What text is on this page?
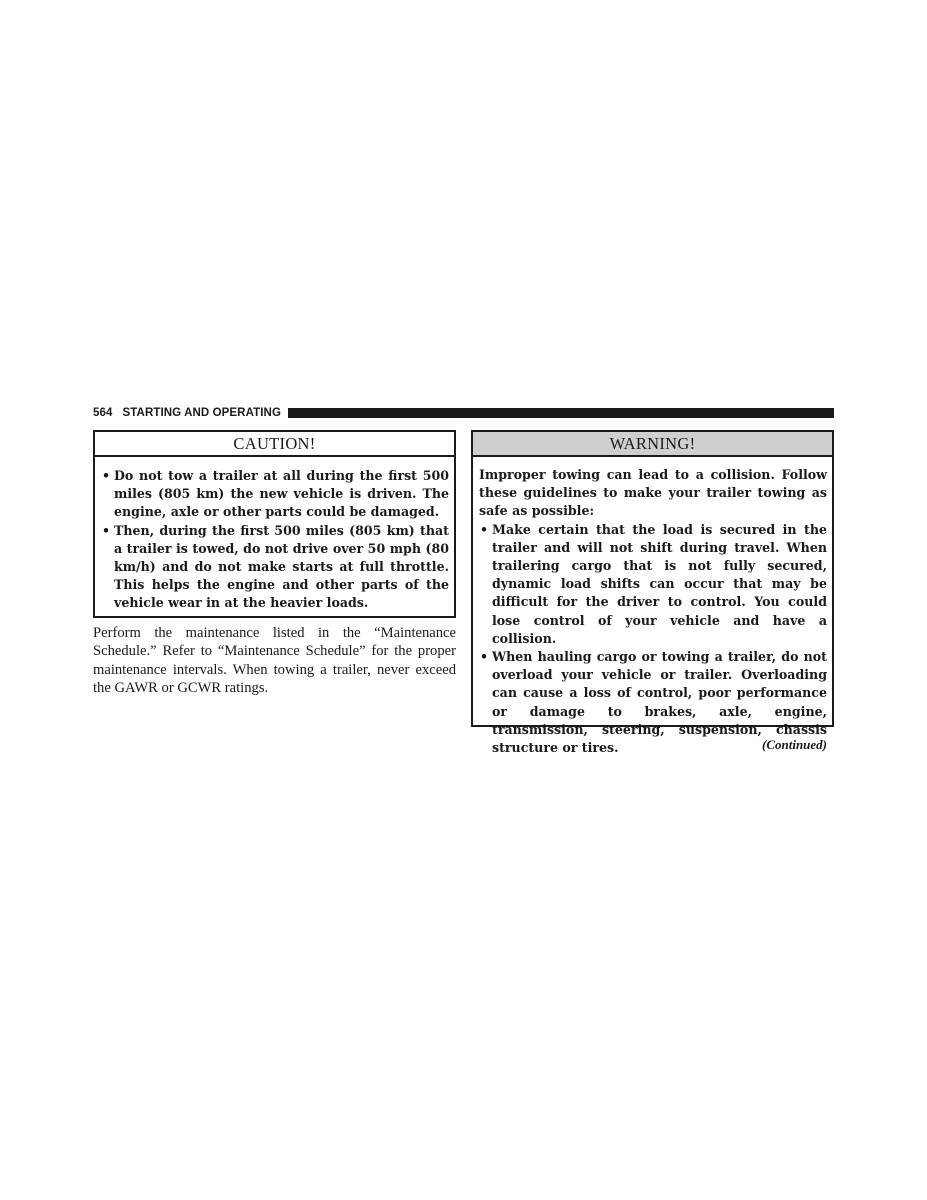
564 STARTING AND OPERATING
CAUTION!
• Do not tow a trailer at all during the first 500 miles (805 km) the new vehicle is driven. The engine, axle or other parts could be damaged.
• Then, during the first 500 miles (805 km) that a trailer is towed, do not drive over 50 mph (80 km/h) and do not make starts at full throttle. This helps the engine and other parts of the vehicle wear in at the heavier loads.

Perform the maintenance listed in the “Maintenance Schedule.” Refer to “Maintenance Schedule” for the proper maintenance intervals. When towing a trailer, never exceed the GAWR or GCWR ratings.

WARNING!

Improper towing can lead to a collision. Follow these guidelines to make your trailer towing as safe as possible:

• Make certain that the load is secured in the trailer and will not shift during travel. When trailering cargo that is not fully secured, dynamic load shifts can occur that may be difficult for the driver to control. You could lose control of your vehicle and have a collision.
• When hauling cargo or towing a trailer, do not overload your vehicle or trailer. Overloading can cause a loss of control, poor performance or damage to brakes, axle, engine, transmission, steering, suspension, chassis structure or tires.	(Continued)
